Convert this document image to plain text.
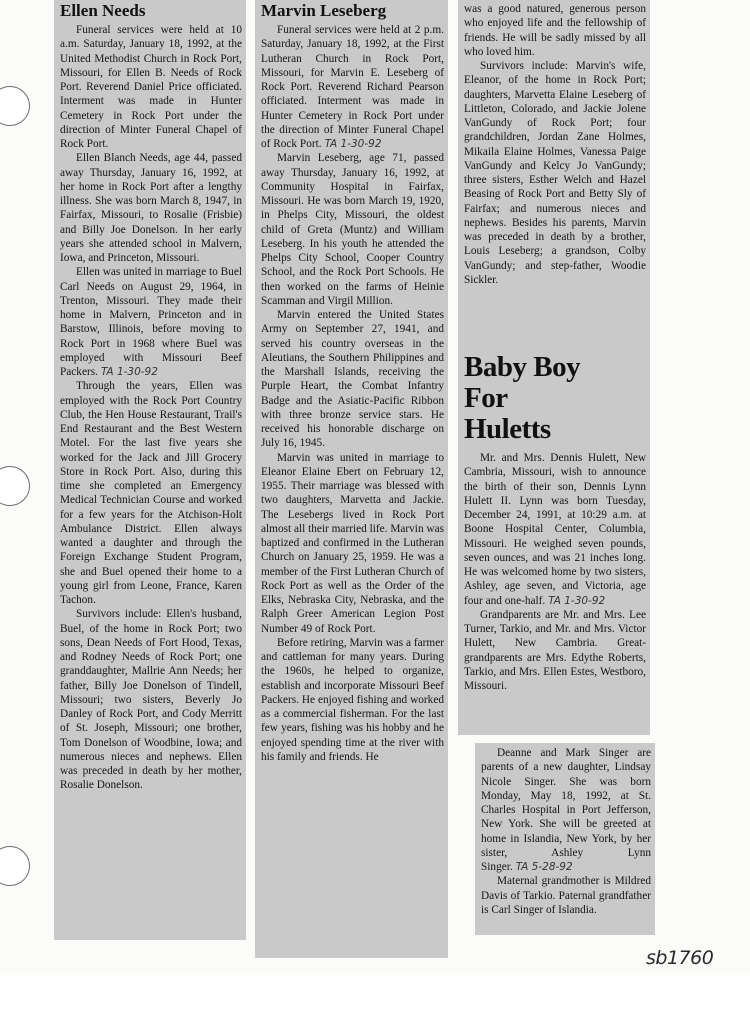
Ellen Needs

Funeral services were held at 10 a.m. Saturday, January 18, 1992, at the United Methodist Church in Rock Port, Missouri, for Ellen B. Needs of Rock Port. Reverend Daniel Price officiated. Interment was made in Hunter Cemetery in Rock Port under the direction of Minter Funeral Chapel of Rock Port.

Ellen Blanch Needs, age 44, passed away Thursday, January 16, 1992, at her home in Rock Port after a lengthy illness. She was born March 8, 1947, in Fairfax, Missouri, to Rosalie (Frisbie) and Billy Joe Donelson. In her early years she attended school in Malvern, Iowa, and Princeton, Missouri.

Ellen was united in marriage to Buel Carl Needs on August 29, 1964, in Trenton, Missouri. They made their home in Malvern, Princeton and in Barstow, Illinois, before moving to Rock Port in 1968 where Buel was employed with Missouri Beef Packers. TA 1-30-92

Through the years, Ellen was employed with the Rock Port Country Club, the Hen House Restaurant, Trail's End Restaurant and the Best Western Motel. For the last five years she worked for the Jack and Jill Grocery Store in Rock Port. Also, during this time she completed an Emergency Medical Technician Course and worked for a few years for the Atchison-Holt Ambulance District. Ellen always wanted a daughter and through the Foreign Exchange Student Program, she and Buel opened their home to a young girl from Leone, France, Karen Tachon.

Survivors include: Ellen's husband, Buel, of the home in Rock Port; two sons, Dean Needs of Fort Hood, Texas, and Rodney Needs of Rock Port; one granddaughter, Mallrie Ann Needs; her father, Billy Joe Donelson of Tindell, Missouri; two sisters, Beverly Jo Danley of Rock Port, and Cody Merritt of St. Joseph, Missouri; one brother, Tom Donelson of Woodbine, Iowa; and numerous nieces and nephews. Ellen was preceded in death by her mother, Rosalie Donelson.

Marvin Leseberg

Funeral services were held at 2 p.m. Saturday, January 18, 1992, at the First Lutheran Church in Rock Port, Missouri, for Marvin E. Leseberg of Rock Port. Reverend Richard Pearson officiated. Interment was made in Hunter Cemetery in Rock Port under the direction of Minter Funeral Chapel of Rock Port. TA 1-30-92

Marvin Leseberg, age 71, passed away Thursday, January 16, 1992, at Community Hospital in Fairfax, Missouri. He was born March 19, 1920, in Phelps City, Missouri, the oldest child of Greta (Muntz) and William Leseberg. In his youth he attended the Phelps City School, Cooper Country School, and the Rock Port Schools. He then worked on the farms of Heinie Scamman and Virgil Million.

Marvin entered the United States Army on September 27, 1941, and served his country overseas in the Aleutians, the Southern Philippines and the Marshall Islands, receiving the Purple Heart, the Combat Infantry Badge and the Asiatic-Pacific Ribbon with three bronze service stars. He received his honorable discharge on July 16, 1945.

Marvin was united in marriage to Eleanor Elaine Ebert on February 12, 1955. Their marriage was blessed with two daughters, Marvetta and Jackie. The Lesebergs lived in Rock Port almost all their married life. Marvin was baptized and confirmed in the Lutheran Church on January 25, 1959. He was a member of the First Lutheran Church of Rock Port as well as the Order of the Elks, Nebraska City, Nebraska, and the Ralph Greer American Legion Post Number 49 of Rock Port.

Before retiring, Marvin was a farmer and cattleman for many years. During the 1960s, he helped to organize, establish and incorporate Missouri Beef Packers. He enjoyed fishing and worked as a commercial fisherman. For the last few years, fishing was his hobby and he enjoyed spending time at the river with his family and friends. He

was a good natured, generous person who enjoyed life and the fellowship of friends. He will be sadly missed by all who loved him.

Survivors include: Marvin's wife, Eleanor, of the home in Rock Port; daughters, Marvetta Elaine Leseberg of Littleton, Colorado, and Jackie Jolene VanGundy of Rock Port; four grandchildren, Jordan Zane Holmes, Mikaila Elaine Holmes, Vanessa Paige VanGundy and Kelcy Jo VanGundy; three sisters, Esther Welch and Hazel Beasing of Rock Port and Betty Sly of Fairfax; and numerous nieces and nephews. Besides his parents, Marvin was preceded in death by a brother, Louis Leseberg; a grandson, Colby VanGundy; and step-father, Woodie Sickler.

Baby Boy
For
Huletts

Mr. and Mrs. Dennis Hulett, New Cambria, Missouri, wish to announce the birth of their son, Dennis Lynn Hulett II. Lynn was born Tuesday, December 24, 1991, at 10:29 a.m. at Boone Hospital Center, Columbia, Missouri. He weighed seven pounds, seven ounces, and was 21 inches long. He was welcomed home by two sisters, Ashley, age seven, and Victoria, age four and one-half. TA 1-30-92

Grandparents are Mr. and Mrs. Lee Turner, Tarkio, and Mr. and Mrs. Victor Hulett, New Cambria. Great-grandparents are Mrs. Edythe Roberts, Tarkio, and Mrs. Ellen Estes, Westboro, Missouri.

Deanne and Mark Singer are parents of a new daughter, Lindsay Nicole Singer. She was born Monday, May 18, 1992, at St. Charles Hospital in Port Jefferson, New York. She will be greeted at home in Islandia, New York, by her sister, Ashley Lynn Singer. TA 5-28-92

Maternal grandmother is Mildred Davis of Tarkio. Paternal grandfather is Carl Singer of Islandia.

sb1760
